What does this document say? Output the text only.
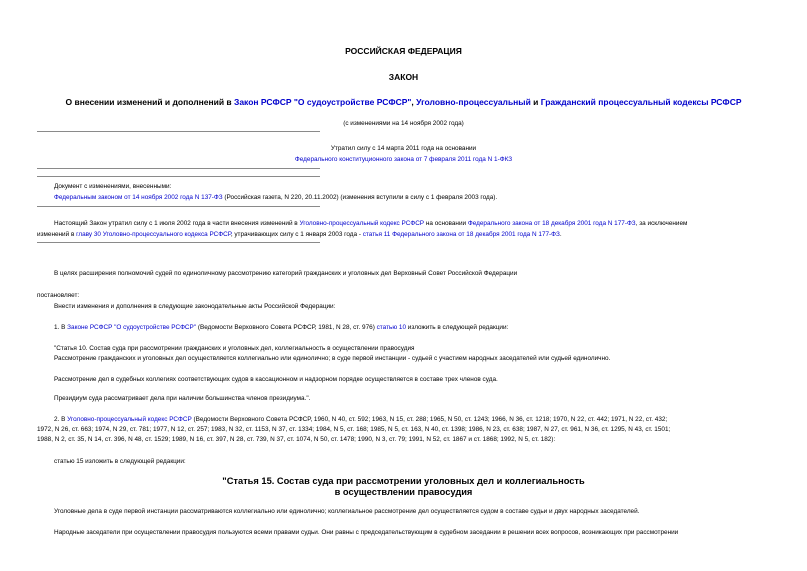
РОССИЙСКАЯ ФЕДЕРАЦИЯ
ЗАКОН
О внесении изменений и дополнений в Закон РСФСР "О судоустройстве РСФСР", Уголовно-процессуальный и Гражданский процессуальный кодексы РСФСР
(с изменениями на 14 ноября 2002 года)
Утратил силу с 14 марта 2011 года на основании
Федерального конституционного закона от 7 февраля 2011 года N 1-ФКЗ
Документ с изменениями, внесенными:
Федеральным законом от 14 ноября 2002 года N 137-ФЗ (Российская газета, N 220, 20.11.2002) (изменения вступили в силу с 1 февраля 2003 года).
Настоящий Закон утратил силу с 1 июля 2002 года в части внесения изменений в Уголовно-процессуальный кодекс РСФСР на основании Федерального закона от 18 декабря 2001 года N 177-ФЗ, за исключением
изменений в главу 30 Уголовно-процессуального кодекса РСФСР, утрачивающих силу с 1 января 2003 года - статья 11 Федерального закона от 18 декабря 2001 года N 177-ФЗ.
В целях расширения полномочий судей по единоличному рассмотрению категорий гражданских и уголовных дел Верховный Совет Российской Федерации
постановляет:
Внести изменения и дополнения в следующие законодательные акты Российской Федерации:
1. В Законе РСФСР "О судоустройстве РСФСР" (Ведомости Верховного Совета РСФСР, 1981, N 28, ст. 976) статью 10 изложить в следующей редакции:
"Статья 10. Состав суда при рассмотрении гражданских и уголовных дел, коллегиальность в осуществлении правосудия
Рассмотрение гражданских и уголовных дел осуществляется коллегиально или единолично; в суде первой инстанции - судьей с участием народных заседателей или судьей единолично.
Рассмотрение дел в судебных коллегиях соответствующих судов в кассационном и надзорном порядке осуществляется в составе трех членов суда.
Президиум суда рассматривает дела при наличии большинства членов президиума.".
2. В Уголовно-процессуальный кодекс РСФСР (Ведомости Верховного Совета РСФСР, 1960, N 40, ст. 592; 1963, N 15, ст. 288; 1965, N 50, ст. 1243; 1966, N 36, ст. 1218; 1970, N 22, ст. 442; 1971, N 22, ст. 432;
1972, N 26, ст. 663; 1974, N 29, ст. 781; 1977, N 12, ст. 257; 1983, N 32, ст. 1153, N 37, ст. 1334; 1984, N 5, ст. 168; 1985, N 5, ст. 163, N 40, ст. 1398; 1986, N 23, ст. 638; 1987, N 27, ст. 961, N 36, ст. 1295, N 43, ст. 1501;
1988, N 2, ст. 35, N 14, ст. 396, N 48, ст. 1529; 1989, N 16, ст. 397, N 28, ст. 739, N 37, ст. 1074, N 50, ст. 1478; 1990, N 3, ст. 79; 1991, N 52, ст. 1867 и ст. 1868; 1992, N 5, ст. 182):
статью 15 изложить в следующей редакции:
"Статья 15. Состав суда при рассмотрении уголовных дел и коллегиальность
в осуществлении правосудия
Уголовные дела в суде первой инстанции рассматриваются коллегиально или единолично; коллегиальное рассмотрение дел осуществляется судом в составе судьи и двух народных заседателей.
Народные заседатели при осуществлении правосудия пользуются всеми правами судьи. Они равны с председательствующим в судебном заседании в решении всех вопросов, возникающих при рассмотрении
